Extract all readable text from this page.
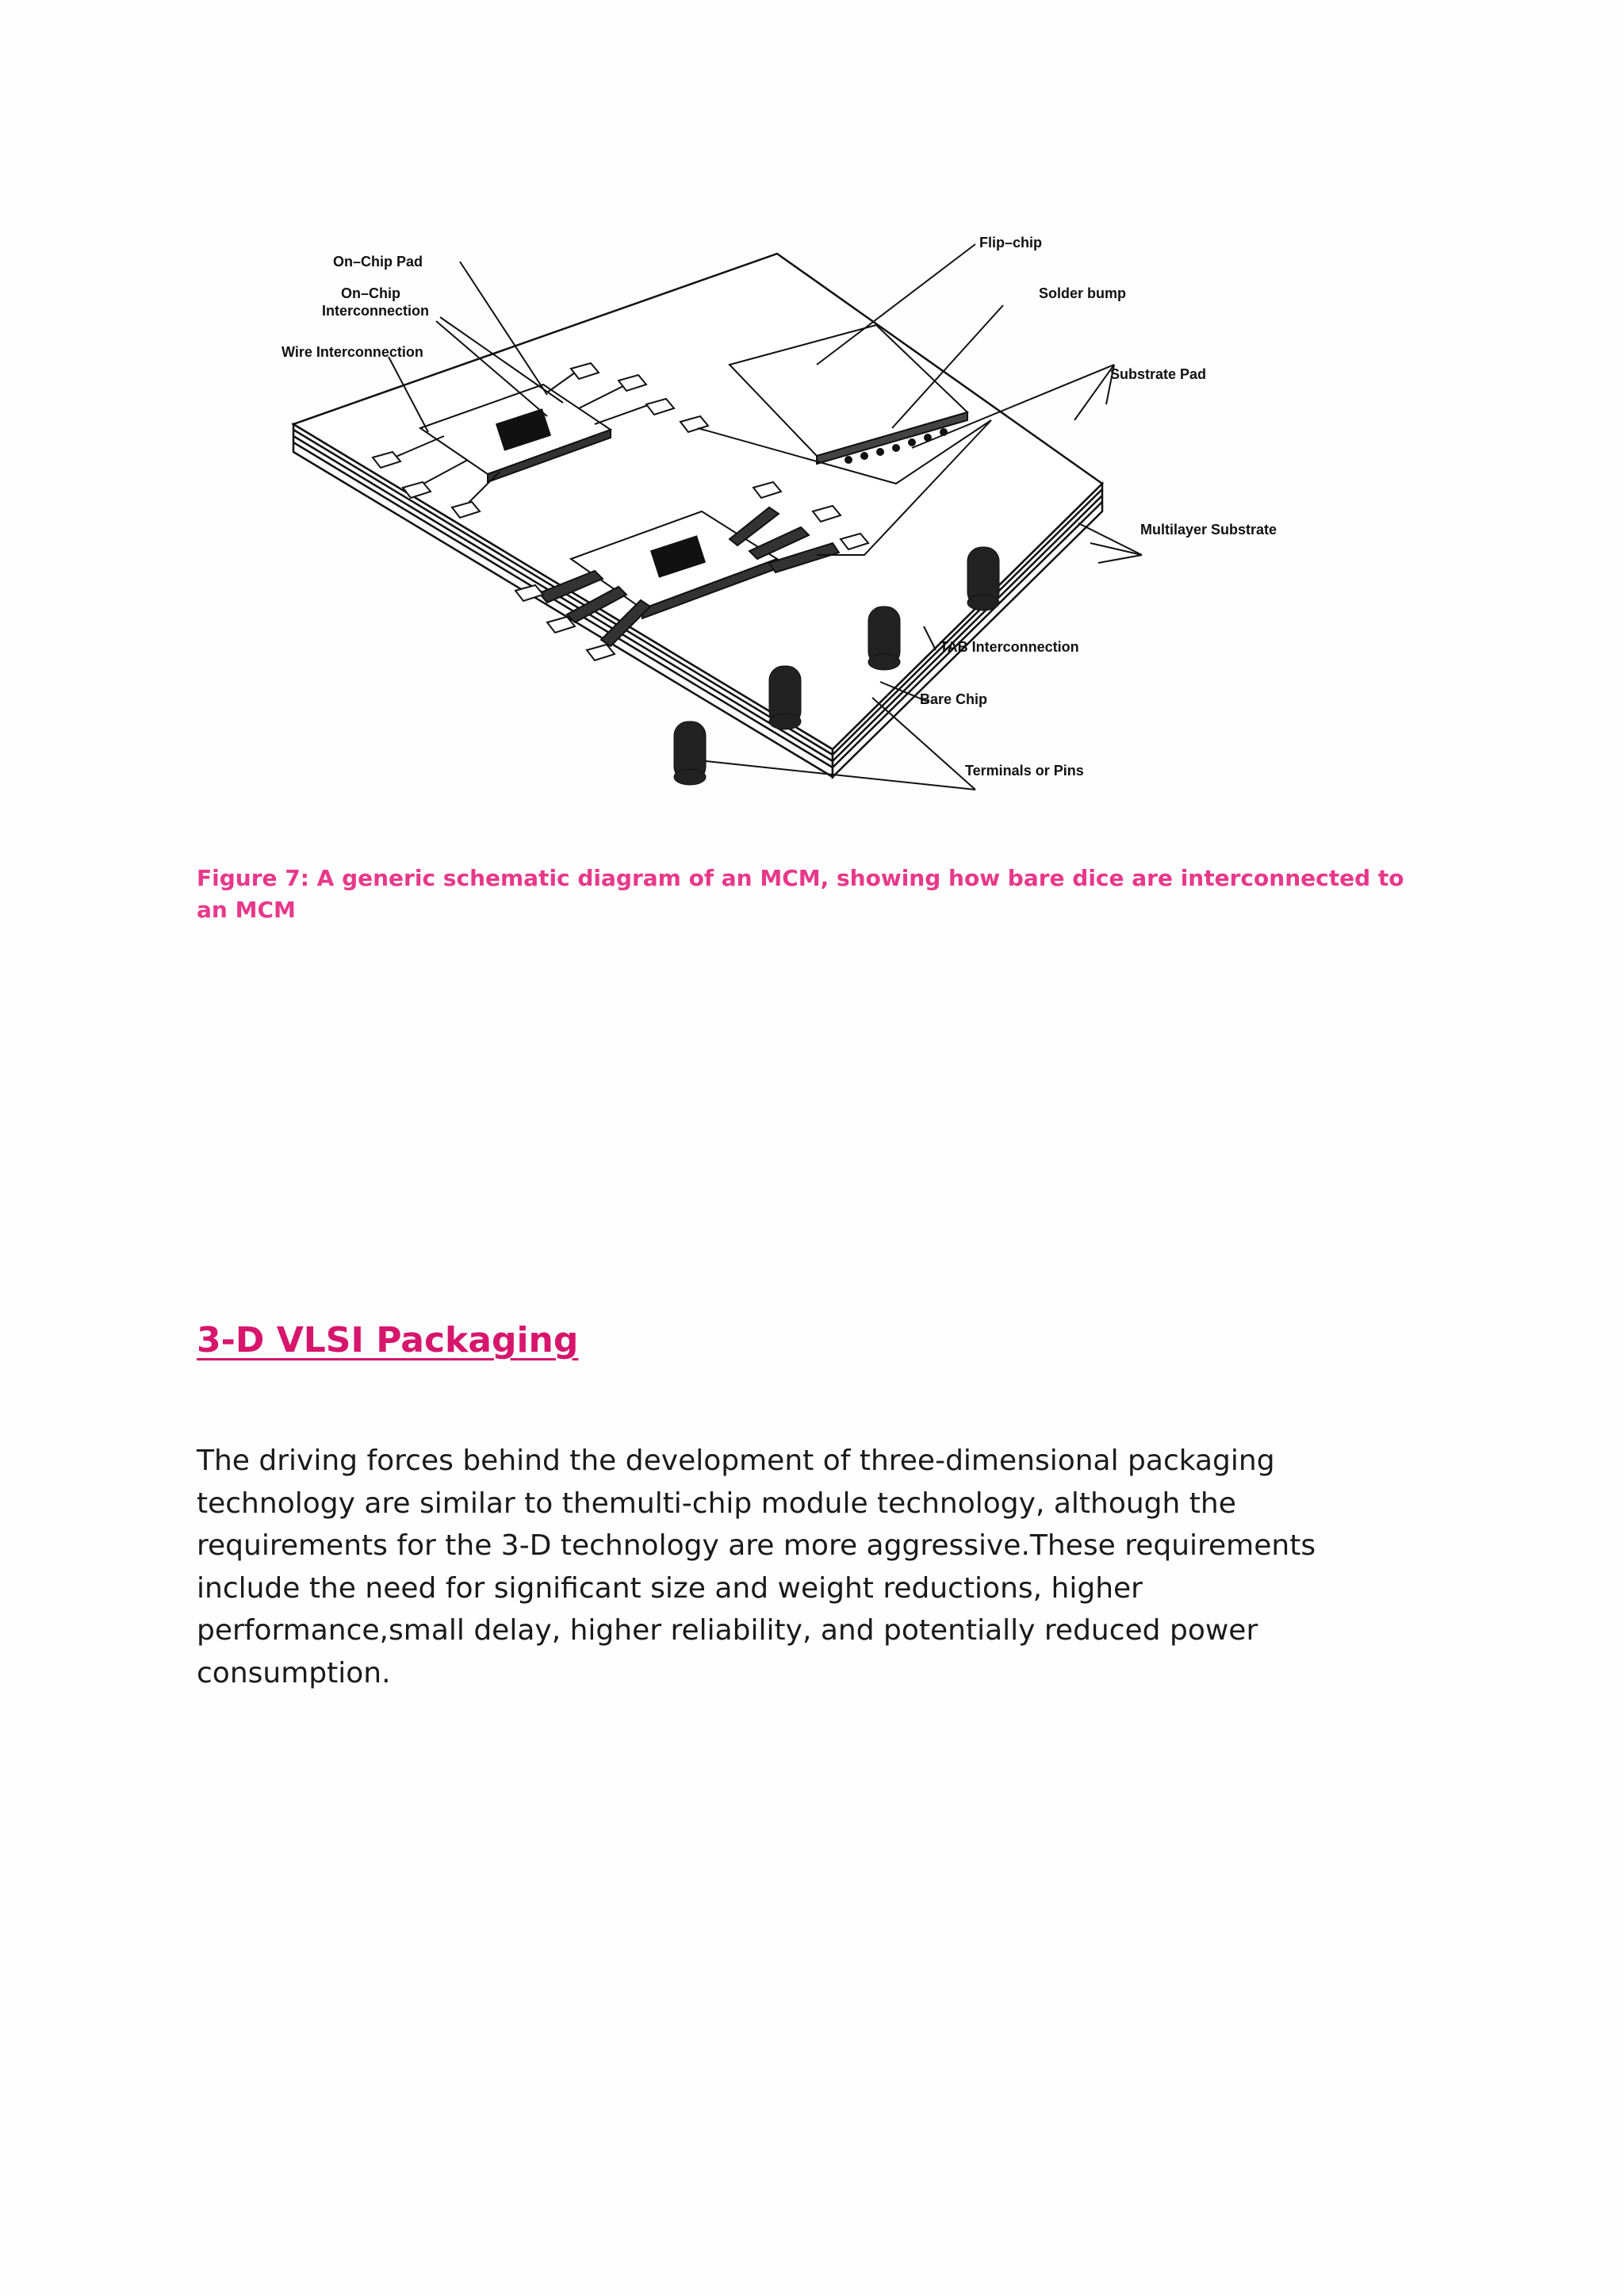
On–Chip Pad
On–Chip
Interconnection
Wire Interconnection
Flip–chip
Solder bump
Substrate Pad
Multilayer Substrate
TAB Interconnection
Bare Chip
Terminals or Pins
Figure 7: A generic schematic diagram of an MCM, showing how bare dice are interconnected to an MCM
3-D VLSI Packaging

The driving forces behind the development of three-dimensional packaging technology are similar to themulti-chip module technology, although the requirements for the 3-D technology are more aggressive.These requirements include the need for significant size and weight reductions, higher performance,small delay, higher reliability, and potentially reduced power consumption.
